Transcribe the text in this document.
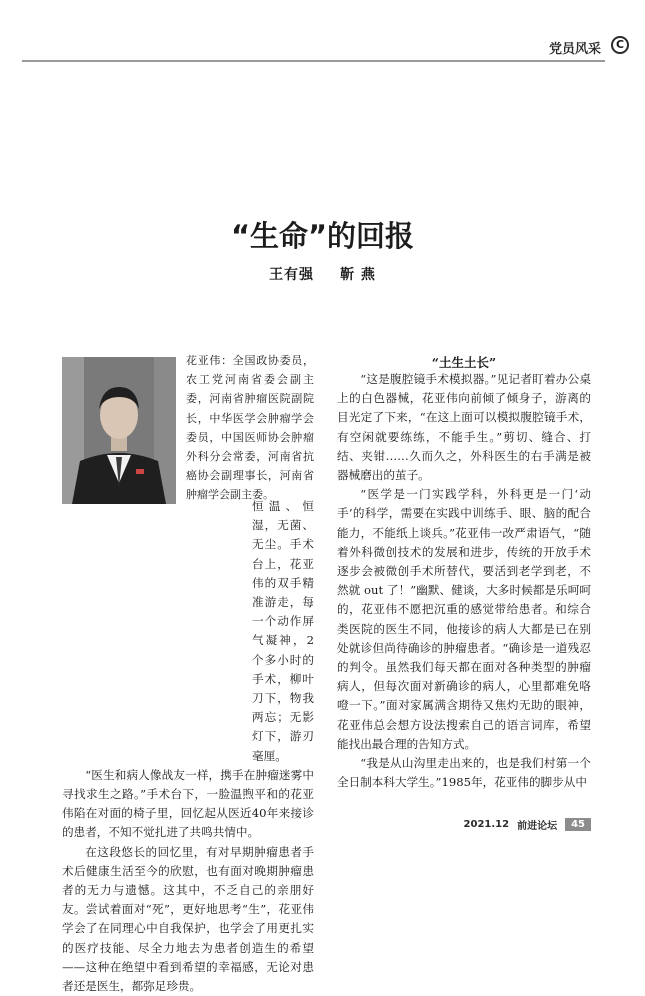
党员风采	C
“生命”的回报
王有强 靳 燕
花亚伟：全国政协委员，农工党河南省委会副主委，河南省肿瘤医院副院长，中华医学会肿瘤学会委员，中国医师协会肿瘤外科分会常委，河南省抗癌协会副理事长，河南省肿瘤学会副主委。

恒温、恒湿，无菌、无尘。手术台上，花亚伟的双手精准游走，每一个动作屏气凝神，2个多小时的手术，柳叶刀下，物我两忘；无影灯下，游刃毫厘。

“医生和病人像战友一样，携手在肿瘤迷雾中寻找求生之路。”手术台下，一脸温煦平和的花亚伟陷在对面的椅子里，回忆起从医近40年来接诊的患者，不知不觉扎进了共鸣共情中。

在这段悠长的回忆里，有对早期肿瘤患者手术后健康生活至今的欣慰，也有面对晚期肿瘤患者的无力与遗憾。这其中，不乏自己的亲朋好友。尝试着面对“死”，更好地思考“生”，花亚伟学会了在同理心中自我保护，也学会了用更扎实的医疗技能、尽全力地去为患者创造生的希望——这种在绝望中看到希望的幸福感，无论对患者还是医生，都弥足珍贵。

“土生土长”

“这是腹腔镜手术模拟器。”见记者盯着办公桌上的白色器械，花亚伟向前倾了倾身子，游离的目光定了下来，“在这上面可以模拟腹腔镜手术，有空闲就要练练，不能手生。”剪切、缝合、打结、夹钳……久而久之，外科医生的右手满是被器械磨出的茧子。

“医学是一门实践学科，外科更是一门‘动手’的科学，需要在实践中训练手、眼、脑的配合能力，不能纸上谈兵。”花亚伟一改严肃语气，“随着外科微创技术的发展和进步，传统的开放手术逐步会被微创手术所替代，要活到老学到老，不然就 out 了！”幽默、健谈，大多时候都是乐呵呵的，花亚伟不愿把沉重的感觉带给患者。和综合类医院的医生不同，他接诊的病人大都是已在别处就诊但尚待确诊的肿瘤患者。“确诊是一道残忍的判令。虽然我们每天都在面对各种类型的肿瘤病人，但每次面对新确诊的病人，心里都难免咯噔一下。”面对家属满含期待又焦灼无助的眼神，花亚伟总会想方设法搜索自己的语言词库，希望能找出最合理的告知方式。

“我是从山沟里走出来的，也是我们村第一个全日制本科大学生。”1985年，花亚伟的脚步从中

2021.12 前进论坛	45
